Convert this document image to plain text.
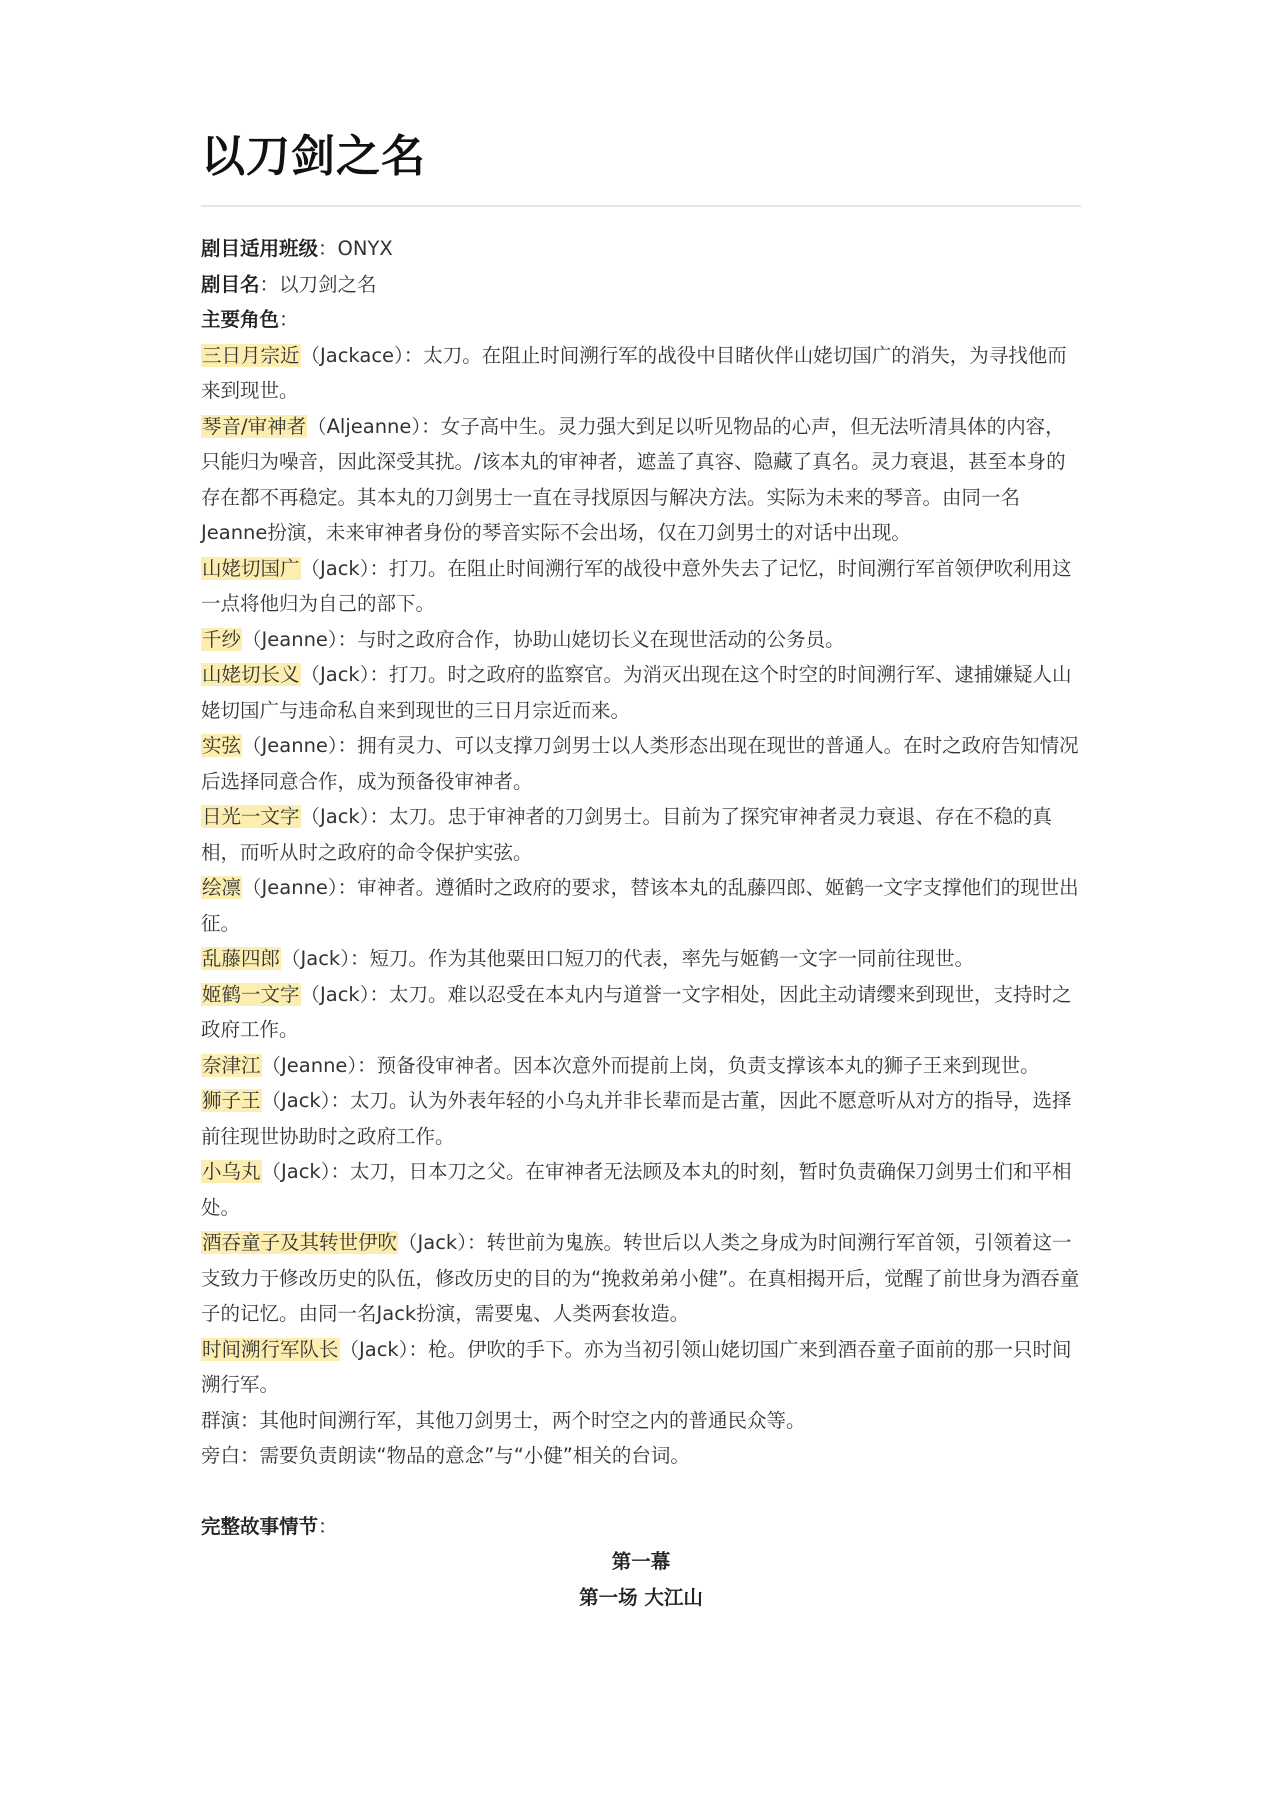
以刀剑之名

剧目适用班级：ONYX

剧目名：以刀剑之名

主要角色：

三日月宗近（Jackace）：太刀。在阻止时间溯行军的战役中目睹伙伴山姥切国广的消失，为寻找他而来到现世。

琴音/审神者（Aljeanne）：女子高中生。灵力强大到足以听见物品的心声，但无法听清具体的内容，只能归为噪音，因此深受其扰。/该本丸的审神者，遮盖了真容、隐藏了真名。灵力衰退，甚至本身的存在都不再稳定。其本丸的刀剑男士一直在寻找原因与解决方法。实际为未来的琴音。由同一名Jeanne扮演，未来审神者身份的琴音实际不会出场，仅在刀剑男士的对话中出现。

山姥切国广（Jack）：打刀。在阻止时间溯行军的战役中意外失去了记忆，时间溯行军首领伊吹利用这一点将他归为自己的部下。

千纱（Jeanne）：与时之政府合作，协助山姥切长义在现世活动的公务员。

山姥切长义（Jack）：打刀。时之政府的监察官。为消灭出现在这个时空的时间溯行军、逮捕嫌疑人山姥切国广与违命私自来到现世的三日月宗近而来。

实弦（Jeanne）：拥有灵力、可以支撑刀剑男士以人类形态出现在现世的普通人。在时之政府告知情况后选择同意合作，成为预备役审神者。

日光一文字（Jack）：太刀。忠于审神者的刀剑男士。目前为了探究审神者灵力衰退、存在不稳的真相，而听从时之政府的命令保护实弦。

绘凛（Jeanne）：审神者。遵循时之政府的要求，替该本丸的乱藤四郎、姬鹤一文字支撑他们的现世出征。

乱藤四郎（Jack）：短刀。作为其他粟田口短刀的代表，率先与姬鹤一文字一同前往现世。

姬鹤一文字（Jack）：太刀。难以忍受在本丸内与道誉一文字相处，因此主动请缨来到现世，支持时之政府工作。

奈津江（Jeanne）：预备役审神者。因本次意外而提前上岗，负责支撑该本丸的狮子王来到现世。

狮子王（Jack）：太刀。认为外表年轻的小乌丸并非长辈而是古董，因此不愿意听从对方的指导，选择前往现世协助时之政府工作。

小乌丸（Jack）：太刀，日本刀之父。在审神者无法顾及本丸的时刻，暂时负责确保刀剑男士们和平相处。

酒吞童子及其转世伊吹（Jack）：转世前为鬼族。转世后以人类之身成为时间溯行军首领，引领着这一支致力于修改历史的队伍，修改历史的目的为“挽救弟弟小健”。在真相揭开后，觉醒了前世身为酒吞童子的记忆。由同一名Jack扮演，需要鬼、人类两套妆造。

时间溯行军队长（Jack）：枪。伊吹的手下。亦为当初引领山姥切国广来到酒吞童子面前的那一只时间溯行军。

群演：其他时间溯行军，其他刀剑男士，两个时空之内的普通民众等。

旁白：需要负责朗读“物品的意念”与“小健”相关的台词。

完整故事情节：

第一幕

第一场 大江山
